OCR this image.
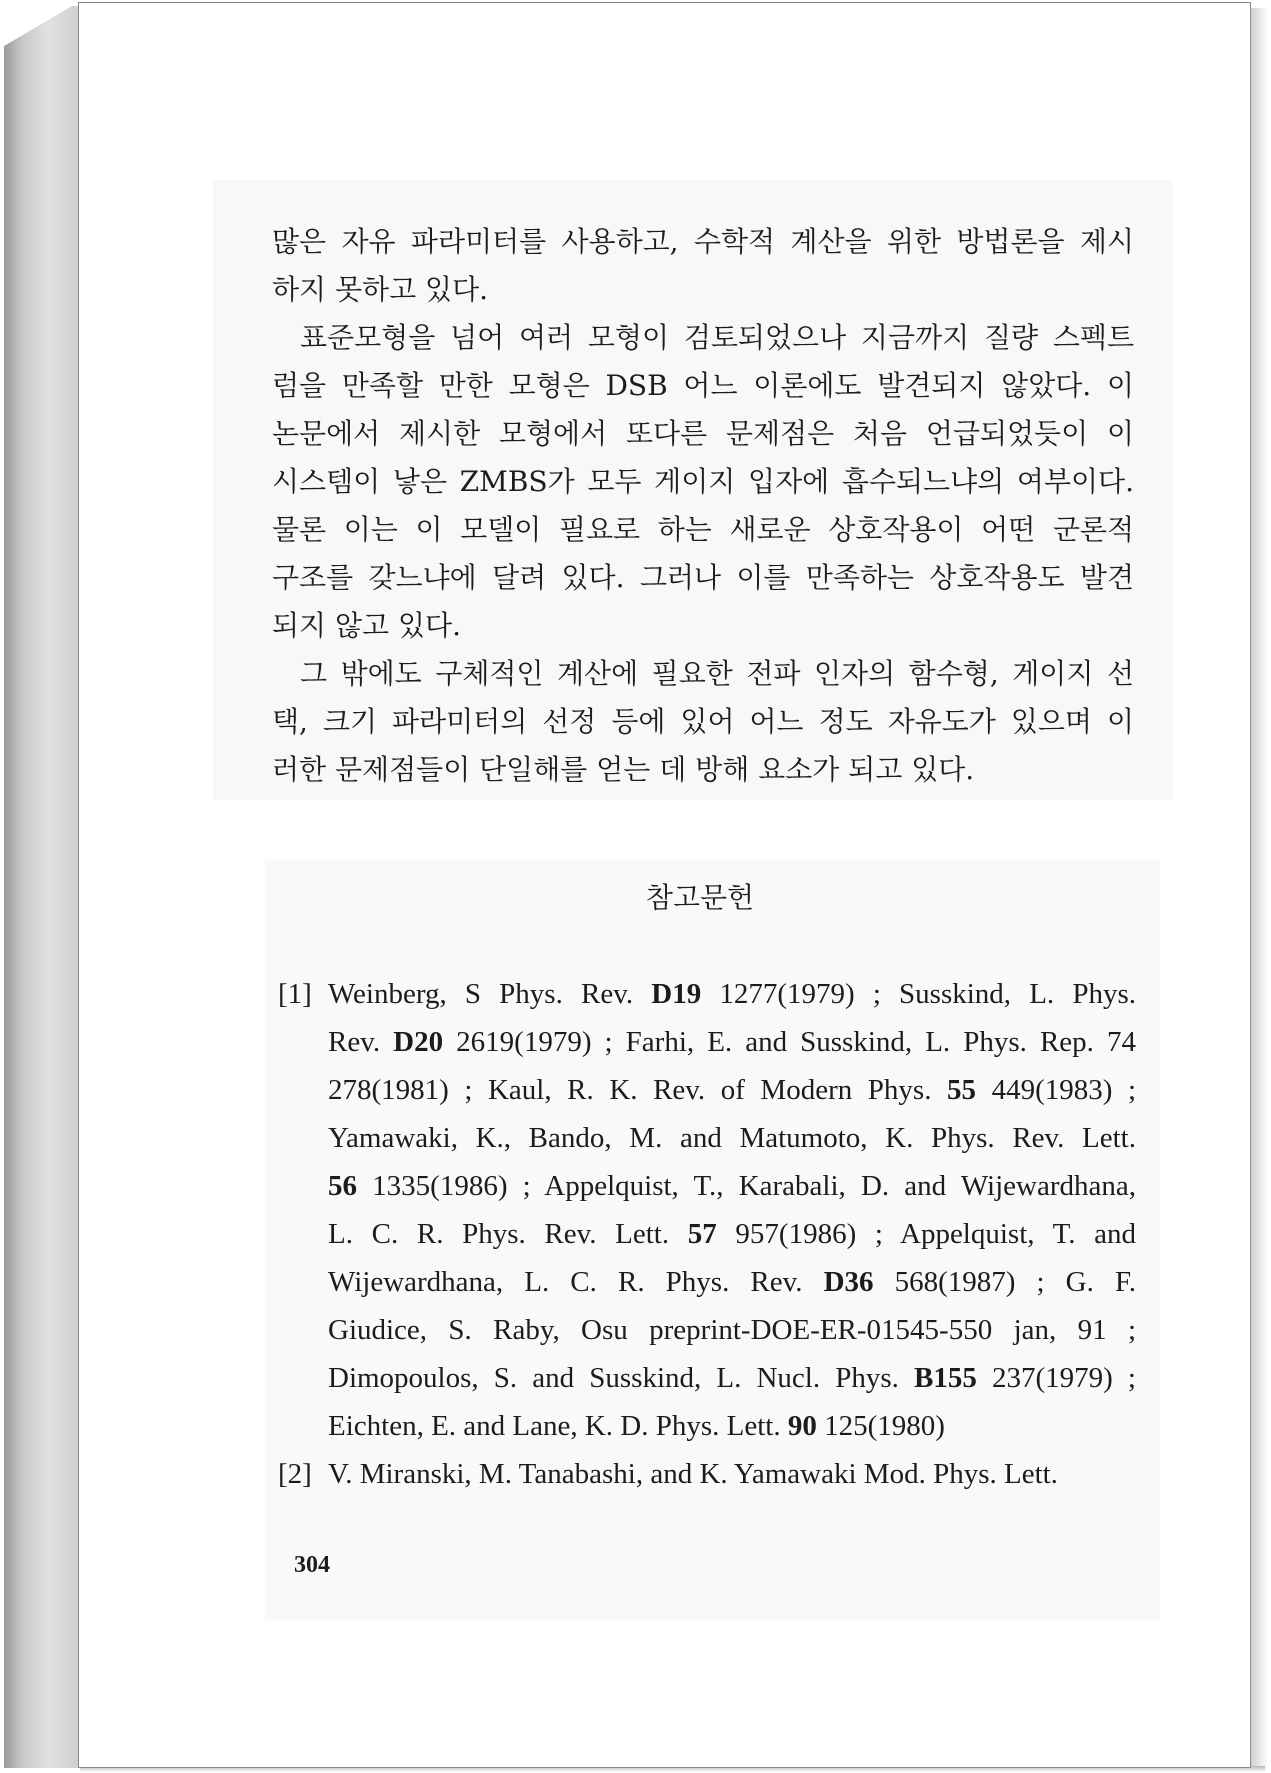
많은 자유 파라미터를 사용하고, 수학적 계산을 위한 방법론을 제시
하지 못하고 있다.
표준모형을 넘어 여러 모형이 검토되었으나 지금까지 질량 스펙트
럼을 만족할 만한 모형은 DSB 어느 이론에도 발견되지 않았다. 이
논문에서 제시한 모형에서 또다른 문제점은 처음 언급되었듯이 이
시스템이 낳은 ZMBS가 모두 게이지 입자에 흡수되느냐의 여부이다.
물론 이는 이 모델이 필요로 하는 새로운 상호작용이 어떤 군론적
구조를 갖느냐에 달려 있다. 그러나 이를 만족하는 상호작용도 발견
되지 않고 있다.
그 밖에도 구체적인 계산에 필요한 전파 인자의 함수형, 게이지 선
택, 크기 파라미터의 선정 등에 있어 어느 정도 자유도가 있으며 이
러한 문제점들이 단일해를 얻는 데 방해 요소가 되고 있다.
참고문헌
[1] Weinberg, S Phys. Rev. D19 1277(1979) ; Susskind, L. Phys.
Rev. D20 2619(1979) ; Farhi, E. and Susskind, L. Phys. Rep. 74
278(1981) ; Kaul, R. K. Rev. of Modern Phys. 55 449(1983) ;
Yamawaki, K., Bando, M. and Matumoto, K. Phys. Rev. Lett.
56 1335(1986) ; Appelquist, T., Karabali, D. and Wijewardhana,
L. C. R. Phys. Rev. Lett. 57 957(1986) ; Appelquist, T. and
Wijewardhana, L. C. R. Phys. Rev. D36 568(1987) ; G. F.
Giudice, S. Raby, Osu preprint-DOE-ER-01545-550 jan, 91 ;
Dimopoulos, S. and Susskind, L. Nucl. Phys. B155 237(1979) ;
Eichten, E. and Lane, K. D. Phys. Lett. 90 125(1980)
[2] V. Miranski, M. Tanabashi, and K. Yamawaki Mod. Phys. Lett.
304
